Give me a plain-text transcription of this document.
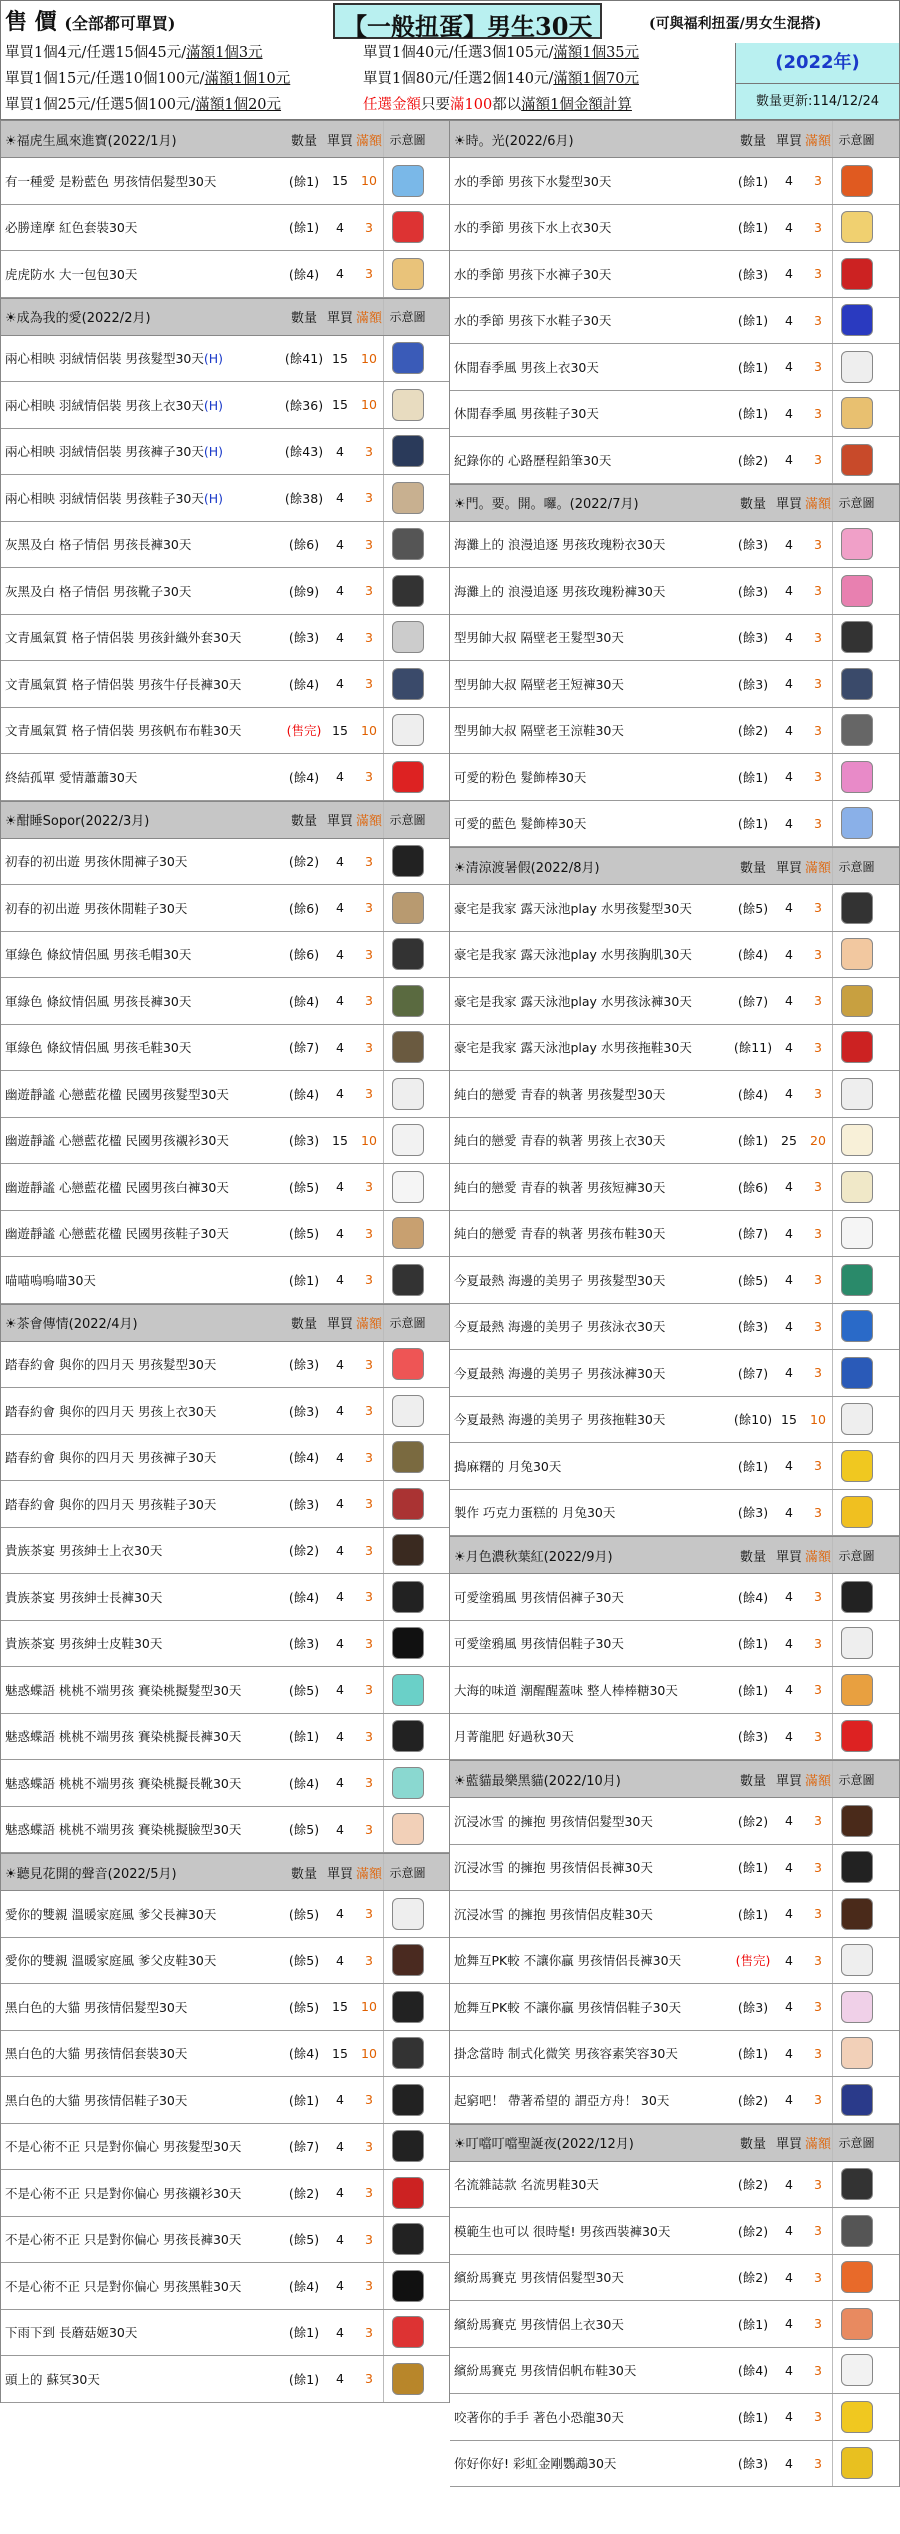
售 價 (全部都可單買)	【一般扭蛋】男生30天	(可與福利扭蛋/男女生混搭)
單買1個4元/任選15個45元/滿額1個3元
單買1個15元/任選10個100元/滿額1個10元
單買1個25元/任選5個100元/滿額1個20元
單買1個40元/任選3個105元/滿額1個35元
單買1個80元/任選2個140元/滿額1個70元
任選金額只要滿100都以滿額1個金額計算
(2022年)
數量更新:114/12/24
☀福虎生風來進寶(2022/1月)	數量 單買 滿額 示意圖
有一種愛 是粉藍色 男孩情侶髮型30天	(餘1)	15	10
必勝達摩 紅色套裝30天	(餘1)	4	3
虎虎防水 大一包包30天	(餘4)	4	3
☀成為我的愛(2022/2月)	數量 單買 滿額 示意圖
兩心相映 羽絨情侶裝 男孩髮型30天(H)	(餘41) 15	10
兩心相映 羽絨情侶裝 男孩上衣30天(H)	(餘36) 15	10
兩心相映 羽絨情侶裝 男孩褲子30天(H)	(餘43)	4	3
兩心相映 羽絨情侶裝 男孩鞋子30天(H)	(餘38)	4	3
灰黑及白 格子情侶 男孩長褲30天	(餘6)	4	3
灰黑及白 格子情侶 男孩靴子30天	(餘9)	4	3
文青風氣質 格子情侶裝 男孩針織外套30天	(餘3)	4	3
文青風氣質 格子情侶裝 男孩牛仔長褲30天	(餘4)	4	3
文青風氣質 格子情侶裝 男孩帆布布鞋30天	(售完) 15	10
終結孤單 愛情蕭蕭30天	(餘4)	4	3
☀酣睡Sopor(2022/3月)	數量 單買 滿額 示意圖
初春的初出遊 男孩休閒褲子30天	(餘2)	4	3
初春的初出遊 男孩休閒鞋子30天	(餘6)	4	3
軍綠色 條紋情侶風 男孩毛帽30天	(餘6)	4	3
軍綠色 條紋情侶風 男孩長褲30天	(餘4)	4	3
軍綠色 條紋情侶風 男孩毛鞋30天	(餘7)	4	3
幽遊靜謐 心戀藍花楹 民國男孩髮型30天	(餘4)	4	3
幽遊靜謐 心戀藍花楹 民國男孩襯衫30天	(餘3)	15	10
幽遊靜謐 心戀藍花楹 民國男孩白褲30天	(餘5)	4	3
幽遊靜謐 心戀藍花楹 民國男孩鞋子30天	(餘5)	4	3
喵喵嗚嗚喵30天	(餘1)	4	3
☀茶會傳情(2022/4月)	數量 單買 滿額 示意圖
踏春約會 與你的四月天 男孩髮型30天	(餘3)	4	3
踏春約會 與你的四月天 男孩上衣30天	(餘3)	4	3
踏春約會 與你的四月天 男孩褲子30天	(餘4)	4	3
踏春約會 與你的四月天 男孩鞋子30天	(餘3)	4	3
貴族茶宴 男孩紳士上衣30天	(餘2)	4	3
貴族茶宴 男孩紳士長褲30天	(餘4)	4	3
貴族茶宴 男孩紳士皮鞋30天	(餘3)	4	3
魅惑蝶語 桃桃不端男孩 賽染桃擬髮型30天	(餘5)	4	3
魅惑蝶語 桃桃不端男孩 賽染桃擬長褲30天	(餘1)	4	3
魅惑蝶語 桃桃不端男孩 賽染桃擬長靴30天	(餘4)	4	3
魅惑蝶語 桃桃不端男孩 賽染桃擬臉型30天	(餘5)	4	3
☀聽見花開的聲音(2022/5月)	數量 單買 滿額 示意圖
愛你的雙親 溫暖家庭風 爹父長褲30天	(餘5)	4	3
愛你的雙親 溫暖家庭風 爹父皮鞋30天	(餘5)	4	3
黑白色的大貓 男孩情侶髮型30天	(餘5)	15	10
黑白色的大貓 男孩情侶套裝30天	(餘4)	15	10
黑白色的大貓 男孩情侶鞋子30天	(餘1)	4	3
不是心術不正 只是對你偏心 男孩髮型30天	(餘7)	4	3
不是心術不正 只是對你偏心 男孩襯衫30天	(餘2)	4	3
不是心術不正 只是對你偏心 男孩長褲30天	(餘5)	4	3
不是心術不正 只是對你偏心 男孩黑鞋30天	(餘4)	4	3
下雨下到 長蘑菇姬30天	(餘1)	4	3
頭上的 蘇冥30天	(餘1)	4	3
☀時。光(2022/6月)	數量 單買 滿額 示意圖
水的季節 男孩下水髮型30天	(餘1)	4	3
水的季節 男孩下水上衣30天	(餘1)	4	3
水的季節 男孩下水褲子30天	(餘3)	4	3
水的季節 男孩下水鞋子30天	(餘1)	4	3
休閒春季風 男孩上衣30天	(餘1)	4	3
休閒春季風 男孩鞋子30天	(餘1)	4	3
紀錄你的 心路歷程鉛筆30天	(餘2)	4	3
☀門。要。開。囉。(2022/7月)	數量 單買 滿額 示意圖
海灘上的 浪漫追逐 男孩玫瑰粉衣30天	(餘3)	4	3
海灘上的 浪漫追逐 男孩玫瑰粉褲30天	(餘3)	4	3
型男帥大叔 隔壁老王髮型30天	(餘3)	4	3
型男帥大叔 隔壁老王短褲30天	(餘3)	4	3
型男帥大叔 隔壁老王涼鞋30天	(餘2)	4	3
可愛的粉色 髮飾棒30天	(餘1)	4	3
可愛的藍色 髮飾棒30天	(餘1)	4	3
☀清涼渡暑假(2022/8月)	數量 單買 滿額 示意圖
豪宅是我家 露天泳池play 水男孩髮型30天	(餘5)	4	3
豪宅是我家 露天泳池play 水男孩胸肌30天	(餘4)	4	3
豪宅是我家 露天泳池play 水男孩泳褲30天	(餘7)	4	3
豪宅是我家 露天泳池play 水男孩拖鞋30天	(餘11)	4	3
純白的戀愛 青春的執著 男孩髮型30天	(餘4)	4	3
純白的戀愛 青春的執著 男孩上衣30天	(餘1)	25	20
純白的戀愛 青春的執著 男孩短褲30天	(餘6)	4	3
純白的戀愛 青春的執著 男孩布鞋30天	(餘7)	4	3
今夏最熱 海邊的美男子 男孩髮型30天	(餘5)	4	3
今夏最熱 海邊的美男子 男孩泳衣30天	(餘3)	4	3
今夏最熱 海邊的美男子 男孩泳褲30天	(餘7)	4	3
今夏最熱 海邊的美男子 男孩拖鞋30天	(餘10) 15	10
搗麻糬的 月兔30天	(餘1)	4	3
製作 巧克力蛋糕的 月兔30天	(餘3)	4	3
☀月色濃秋葉紅(2022/9月)	數量 單買 滿額 示意圖
可愛塗鴉風 男孩情侶褲子30天	(餘4)	4	3
可愛塗鴉風 男孩情侶鞋子30天	(餘1)	4	3
大海的味道 潮醒醒蓋味 整人棒棒糖30天	(餘1)	4	3
月菁龍肥 好過秋30天	(餘3)	4	3
☀藍貓最樂黑貓(2022/10月)	數量 單買 滿額 示意圖
沉浸冰雪 的擁抱 男孩情侶髮型30天	(餘2)	4	3
沉浸冰雪 的擁抱 男孩情侶長褲30天	(餘1)	4	3
沉浸冰雪 的擁抱 男孩情侶皮鞋30天	(餘1)	4	3
尬舞互PK較 不讓你贏 男孩情侶長褲30天	(售完)	4	3
尬舞互PK較 不讓你贏 男孩情侶鞋子30天	(餘3)	4	3
掛念當時 制式化微笑 男孩容素笑容30天	(餘1)	4	3
起窮吧！ 帶著希望的 謂亞方舟！ 30天	(餘2)	4	3
☀叮噹叮噹聖誕夜(2022/12月)	數量 單買 滿額 示意圖
名流雜誌款 名流男鞋30天	(餘2)	4	3
模範生也可以 很時髦! 男孩西裝褲30天	(餘2)	4	3
繽紛馬賽克 男孩情侶髮型30天	(餘2)	4	3
繽紛馬賽克 男孩情侶上衣30天	(餘1)	4	3
繽紛馬賽克 男孩情侶帆布鞋30天	(餘4)	4	3
咬著你的手手 著色小恐龍30天	(餘1)	4	3
你好你好! 彩虹金剛鸚鵡30天	(餘3)	4	3
